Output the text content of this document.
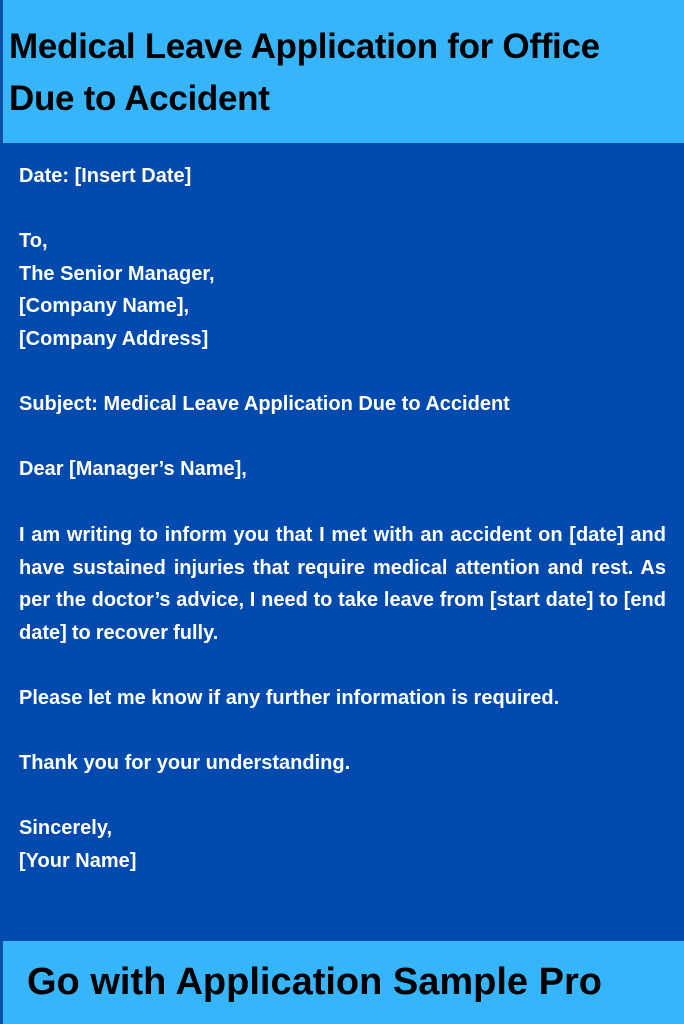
Medical Leave Application for Office Due to Accident

Date: [Insert Date]

To,

The Senior Manager,

[Company Name],

[Company Address]

Subject: Medical Leave Application Due to Accident

Dear [Manager’s Name],

I am writing to inform you that I met with an accident on [date] and have sustained injuries that require medical attention and rest. As per the doctor’s advice, I need to take leave from [start date] to [end date] to recover fully.

Please let me know if any further information is required.

Thank you for your understanding.

Sincerely,

[Your Name]

Go with Application Sample Pro
